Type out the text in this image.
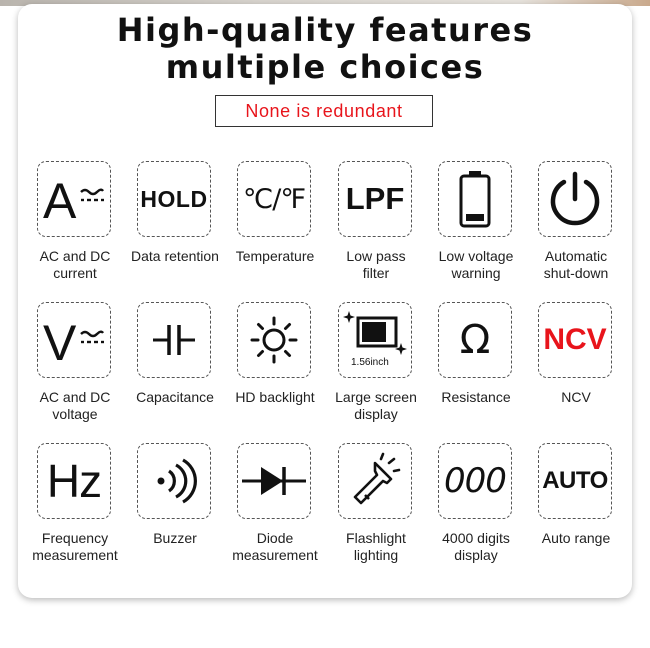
High-quality features
multiple choices
None is redundant
A
AC and DC
current
HOLD
Data retention
℃/℉
Temperature
LPF
Low pass
filter
Low voltage
warning
Automatic
shut-down
V
AC and DC
voltage
Capacitance	HD backlight
1.56inch
Large screen
display
Ω
Resistance
NCV
NCV
Hz
Frequency
measurement
Buzzer	Diode
measurement
Flashlight
lighting
000
4000 digits
display
AUTO
Auto range
